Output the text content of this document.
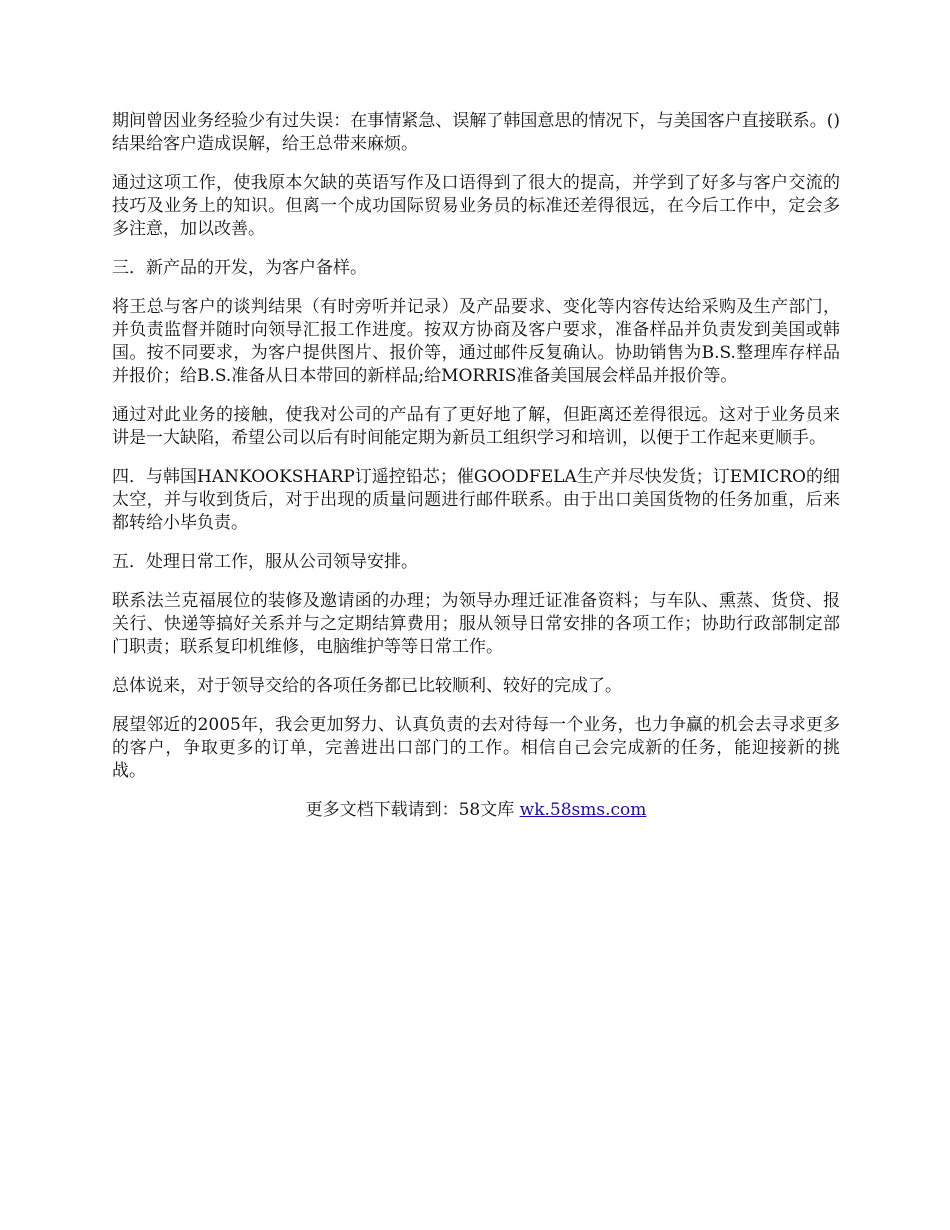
期间曾因业务经验少有过失误：在事情紧急、误解了韩国意思的情况下，与美国客户直接联系。()结果给客户造成误解，给王总带来麻烦。

通过这项工作，使我原本欠缺的英语写作及口语得到了很大的提高，并学到了好多与客户交流的技巧及业务上的知识。但离一个成功国际贸易业务员的标准还差得很远，在今后工作中，定会多多注意，加以改善。

三．新产品的开发，为客户备样。

将王总与客户的谈判结果（有时旁听并记录）及产品要求、变化等内容传达给采购及生产部门，并负责监督并随时向领导汇报工作进度。按双方协商及客户要求，准备样品并负责发到美国或韩国。按不同要求，为客户提供图片、报价等，通过邮件反复确认。协助销售为B.S.整理库存样品并报价；给B.S.准备从日本带回的新样品;给MORRIS准备美国展会样品并报价等。

通过对此业务的接触，使我对公司的产品有了更好地了解，但距离还差得很远。这对于业务员来讲是一大缺陷，希望公司以后有时间能定期为新员工组织学习和培训，以便于工作起来更顺手。

四．与韩国HANKOOKSHARP订遥控铅芯；催GOODFELA生产并尽快发货；订EMICRO的细太空，并与收到货后，对于出现的质量问题进行邮件联系。由于出口美国货物的任务加重，后来都转给小毕负责。

五．处理日常工作，服从公司领导安排。

联系法兰克福展位的装修及邀请函的办理；为领导办理迁证准备资料；与车队、熏蒸、货贷、报关行、快递等搞好关系并与之定期结算费用；服从领导日常安排的各项工作；协助行政部制定部门职责；联系复印机维修，电脑维护等等日常工作。

总体说来，对于领导交给的各项任务都已比较顺利、较好的完成了。

展望邻近的2005年，我会更加努力、认真负责的去对待每一个业务，也力争赢的机会去寻求更多的客户，争取更多的订单，完善进出口部门的工作。相信自己会完成新的任务，能迎接新的挑战。

更多文档下载请到：58文库 wk.58sms.com
